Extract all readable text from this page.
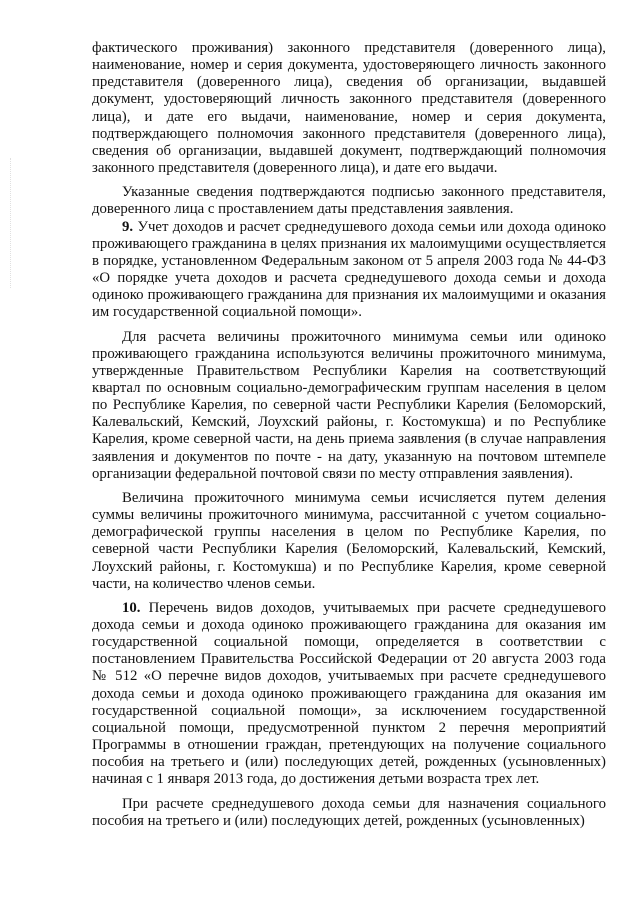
фактического проживания) законного представителя (доверенного лица), наименование, номер и серия документа, удостоверяющего личность законного представителя (доверенного лица), сведения об организации, выдавшей документ, удостоверяющий личность законного представителя (доверенного лица), и дате его выдачи, наименование, номер и серия документа, подтверждающего полномочия законного представителя (доверенного лица), сведения об организации, выдавшей документ, подтверждающий полномочия законного представителя (доверенного лица), и дате его выдачи.

Указанные сведения подтверждаются подписью законного представителя, доверенного лица с проставлением даты представления заявления.

9. Учет доходов и расчет среднедушевого дохода семьи или дохода одиноко проживающего гражданина в целях признания их малоимущими осуществляется в порядке, установленном Федеральным законом от 5 апреля 2003 года № 44-ФЗ «О порядке учета доходов и расчета среднедушевого дохода семьи и дохода одиноко проживающего гражданина для признания их малоимущими и оказания им государственной социальной помощи».

Для расчета величины прожиточного минимума семьи или одиноко проживающего гражданина используются величины прожиточного минимума, утвержденные Правительством Республики Карелия на соответствующий квартал по основным социально-демографическим группам населения в целом по Республике Карелия, по северной части Республики Карелия (Беломорский, Калевальский, Кемский, Лоухский районы, г. Костомукша) и по Республике Карелия, кроме северной части, на день приема заявления (в случае направления заявления и документов по почте - на дату, указанную на почтовом штемпеле организации федеральной почтовой связи по месту отправления заявления).

Величина прожиточного минимума семьи исчисляется путем деления суммы величины прожиточного минимума, рассчитанной с учетом социально-демографической группы населения в целом по Республике Карелия, по северной части Республики Карелия (Беломорский, Калевальский, Кемский, Лоухский районы, г. Костомукша) и по Республике Карелия, кроме северной части, на количество членов семьи.

10. Перечень видов доходов, учитываемых при расчете среднедушевого дохода семьи и дохода одиноко проживающего гражданина для оказания им государственной социальной помощи, определяется в соответствии с постановлением Правительства Российской Федерации от 20 августа 2003 года № 512 «О перечне видов доходов, учитываемых при расчете среднедушевого дохода семьи и дохода одиноко проживающего гражданина для оказания им государственной социальной помощи», за исключением государственной социальной помощи, предусмотренной пунктом 2 перечня мероприятий Программы в отношении граждан, претендующих на получение социального пособия на третьего и (или) последующих детей, рожденных (усыновленных) начиная с 1 января 2013 года, до достижения детьми возраста трех лет.

При расчете среднедушевого дохода семьи для назначения социального пособия на третьего и (или) последующих детей, рожденных (усыновленных)
